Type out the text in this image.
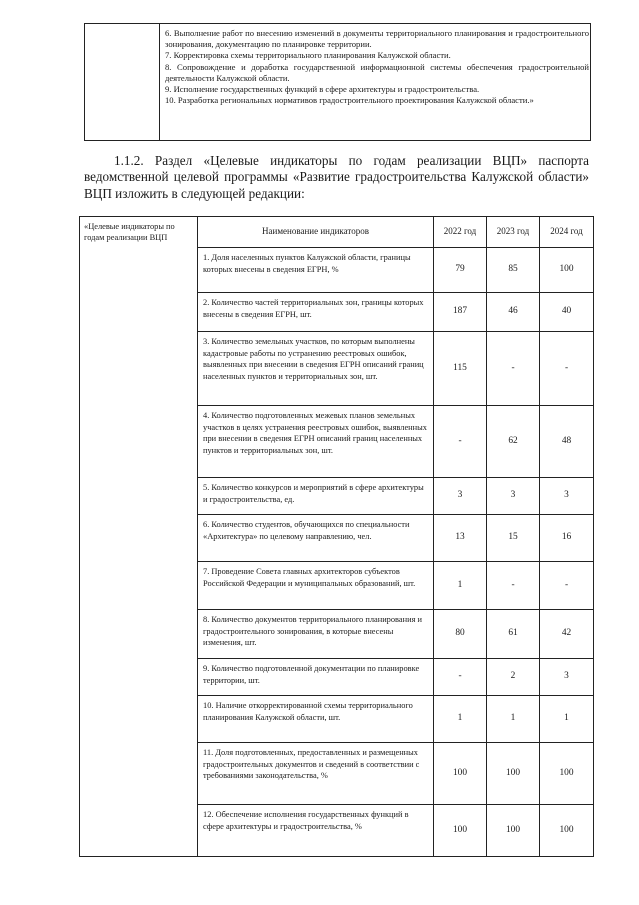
6. Выполнение работ по внесению изменений в документы территориального планирования и градостроительного зонирования, документацию по планировке территории.
7. Корректировка схемы территориального планирования Калужской области.
8. Сопровождение и доработка государственной информационной системы обеспечения градостроительной деятельности Калужской области.
9. Исполнение государственных функций в сфере архитектуры и градостроительства.
10. Разработка региональных нормативов градостроительного проектирования Калужской области.»

1.1.2. Раздел «Целевые индикаторы по годам реализации ВЦП» паспорта ведомственной целевой программы «Развитие градостроительства Калужской области» ВЦП изложить в следующей редакции:

«Целевые индикаторы по годам реализации ВЦП	Наименование индикаторов	2022 год	2023 год	2024 год
	1. Доля населенных пунктов Калужской области, границы которых внесены в сведения ЕГРН, %	79	85	100
	2. Количество частей территориальных зон, границы которых внесены в сведения ЕГРН, шт.	187	46	40
	3. Количество земельных участков, по которым выполнены кадастровые работы по устранению реестровых ошибок, выявленных при внесении в сведения ЕГРН описаний границ населенных пунктов и территориальных зон, шт.	115	-	-
	4. Количество подготовленных межевых планов земельных участков в целях устранения реестровых ошибок, выявленных при внесении в сведения ЕГРН описаний границ населенных пунктов и территориальных зон, шт.	-	62	48
	5. Количество конкурсов и мероприятий в сфере архитектуры и градостроительства, ед.	3	3	3
	6. Количество студентов, обучающихся по специальности «Архитектура» по целевому направлению, чел.	13	15	16
	7. Проведение Совета главных архитекторов субъектов Российской Федерации и муниципальных образований, шт.	1	-	-
	8. Количество документов территориального планирования и градостроительного зонирования, в которые внесены изменения, шт.	80	61	42
	9. Количество подготовленной документации по планировке территории, шт.	-	2	3
	10. Наличие откорректированной схемы территориального планирования Калужской области, шт.	1	1	1
	11. Доля подготовленных, предоставленных и размещенных градостроительных документов и сведений в соответствии с требованиями законодательства, %	100	100	100
	12. Обеспечение исполнения государственных функций в сфере архитектуры и градостроительства, %	100	100	100
